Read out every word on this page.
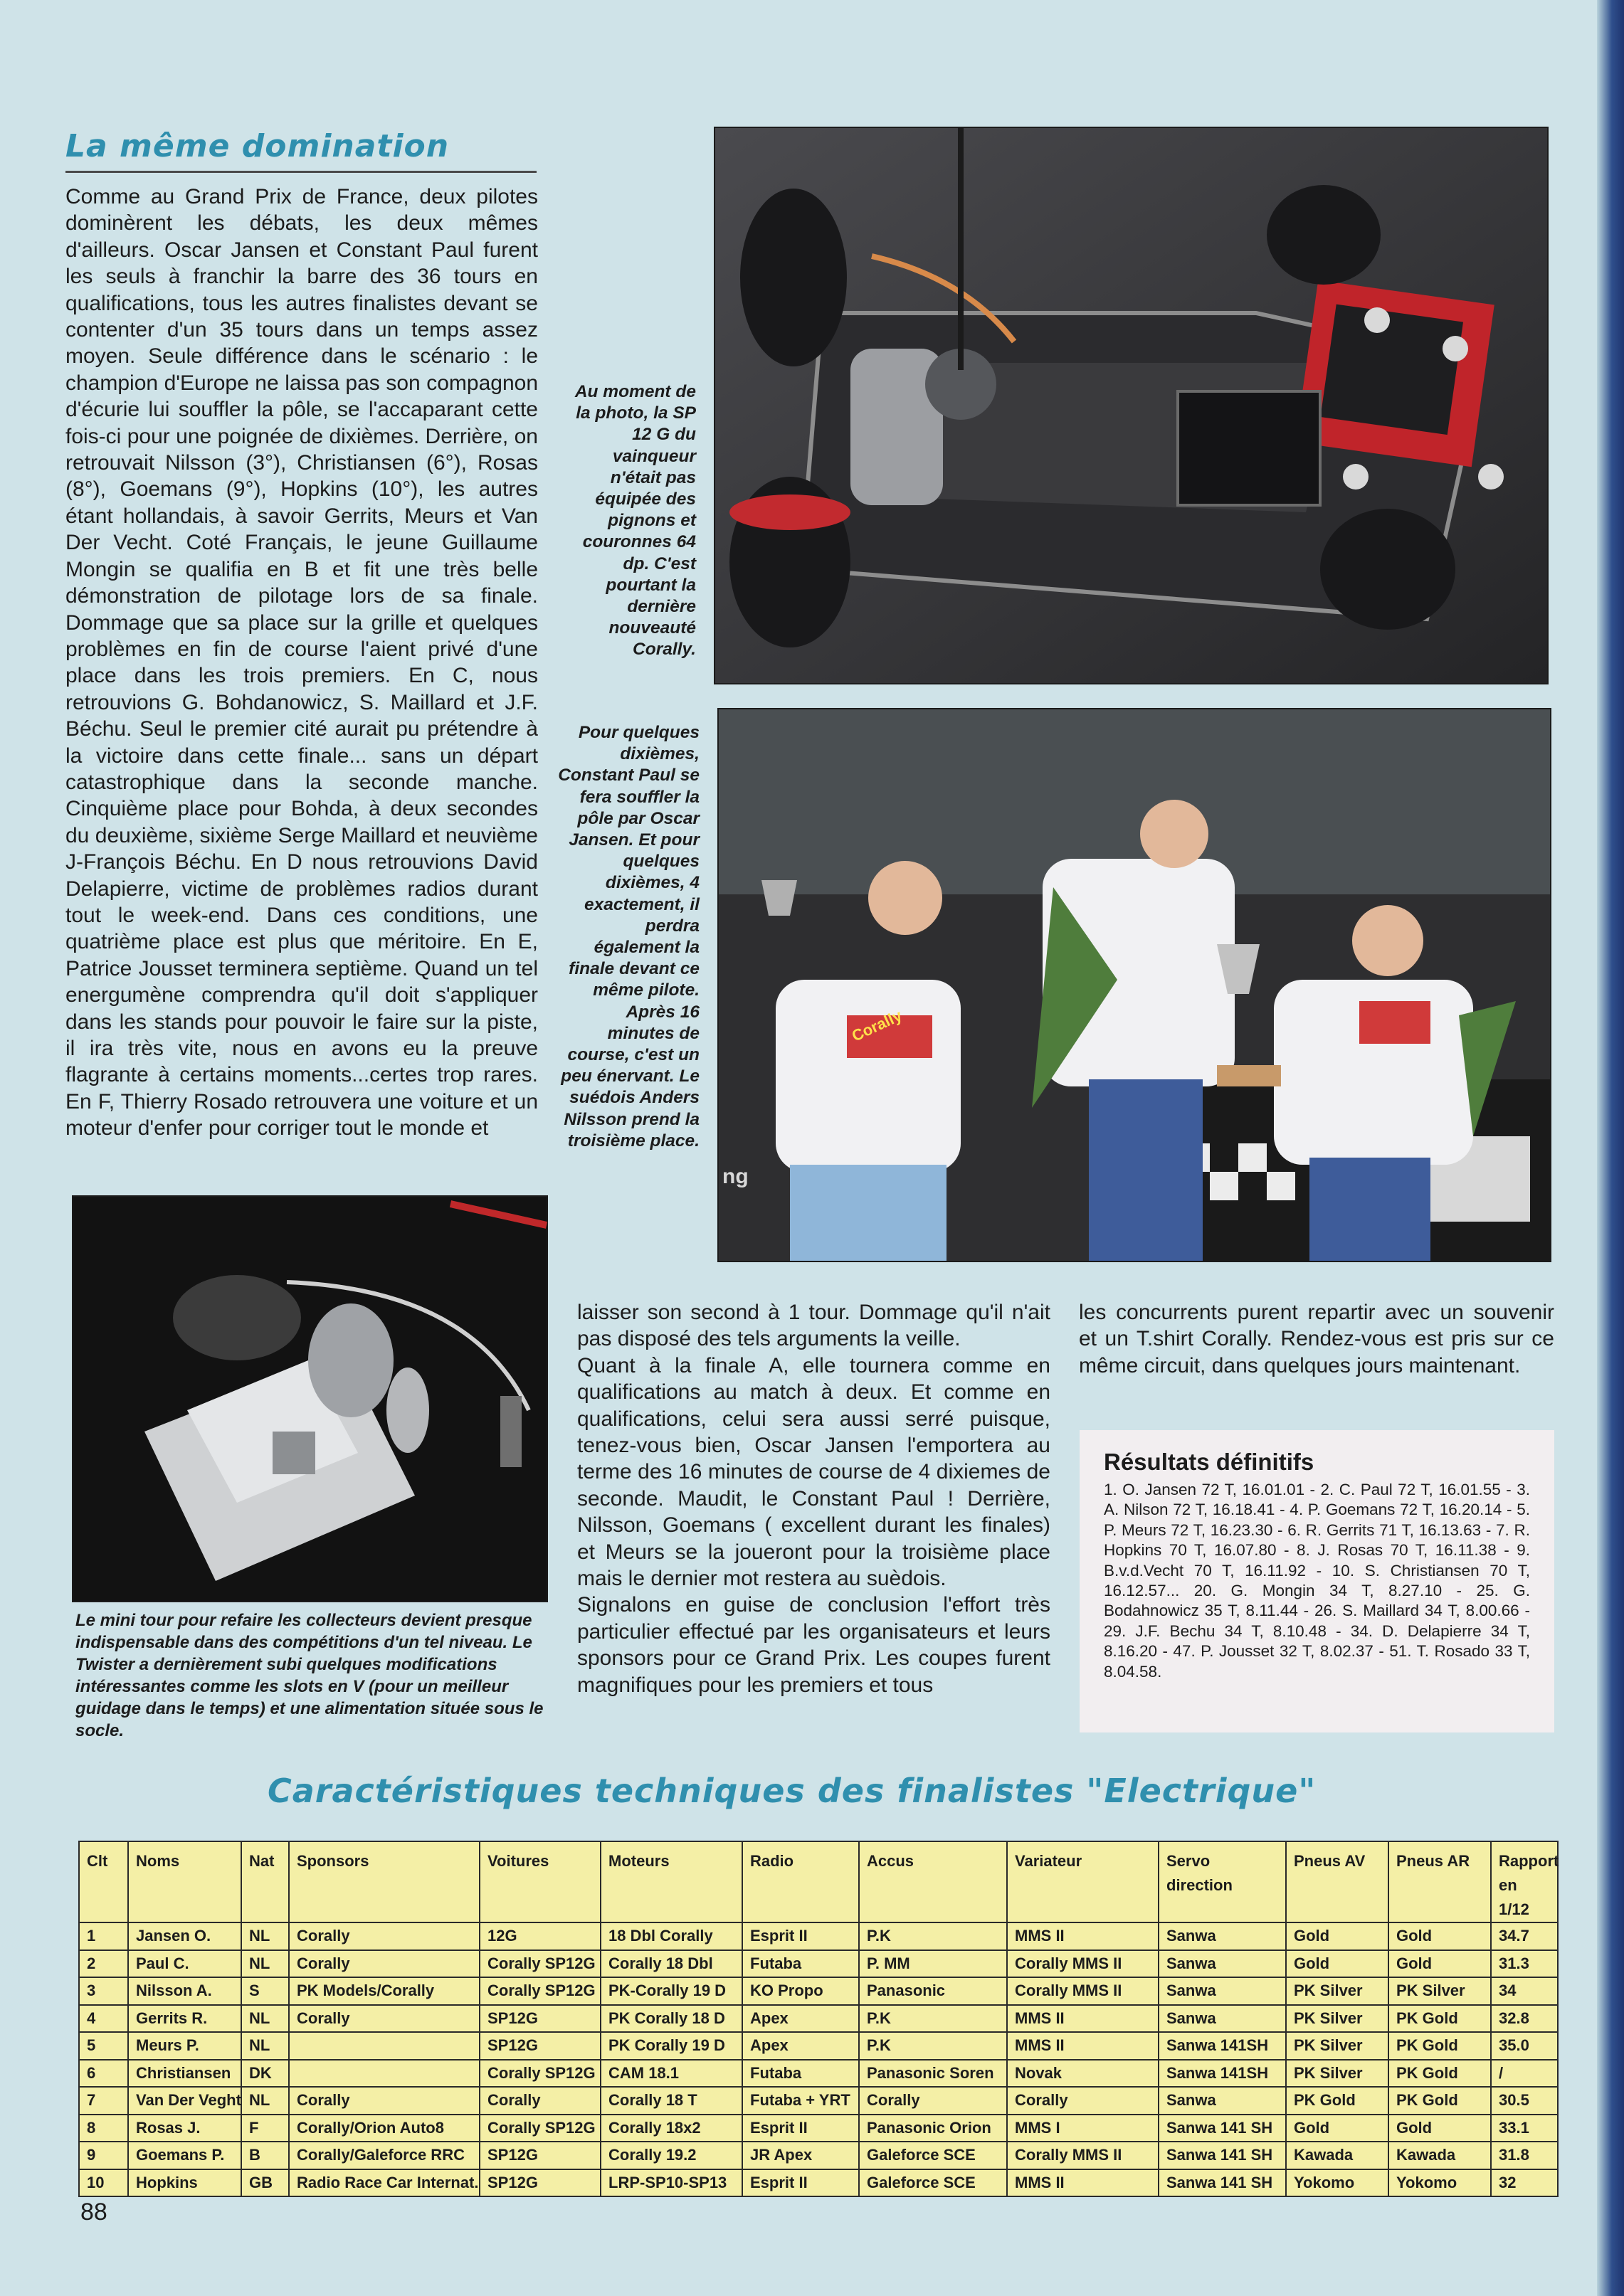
La même domination

Comme au Grand Prix de France, deux pilotes dominèrent les débats, les deux mêmes d'ailleurs. Oscar Jansen et Constant Paul furent les seuls à franchir la barre des 36 tours en qualifications, tous les autres finalistes devant se contenter d'un 35 tours dans un temps assez moyen. Seule différence dans le scénario : le champion d'Europe ne laissa pas son compagnon d'écurie lui souffler la pôle, se l'accaparant cette fois-ci pour une poignée de dixièmes. Derrière, on retrouvait Nilsson (3°), Christiansen (6°), Rosas (8°), Goemans (9°), Hopkins (10°), les autres étant hollandais, à savoir Gerrits, Meurs et Van Der Vecht. Coté Français, le jeune Guillaume Mongin se qualifia en B et fit une très belle démonstration de pilotage lors de sa finale. Dommage que sa place sur la grille et quelques problèmes en fin de course l'aient privé d'une place dans les trois premiers. En C, nous retrouvions G. Bohdanowicz, S. Maillard et J.F. Béchu. Seul le premier cité aurait pu prétendre à la victoire dans cette finale... sans un départ catastrophique dans la seconde manche. Cinquième place pour Bohda, à deux secondes du deuxième, sixième Serge Maillard et neuvième J-François Béchu. En D nous retrouvions David Delapierre, victime de problèmes radios durant tout le week-end. Dans ces conditions, une quatrième place est plus que méritoire. En E, Patrice Jousset terminera septième. Quand un tel energumène comprendra qu'il doit s'appliquer dans les stands pour pouvoir le faire sur la piste, il ira très vite, nous en avons eu la preuve flagrante à certains moments...certes trop rares. En F, Thierry Rosado retrouvera une voiture et un moteur d'enfer pour corriger tout le monde et

Au moment de la photo, la SP 12 G du vainqueur n'était pas équipée des pignons et couronnes 64 dp. C'est pourtant la dernière nouveauté Corally.
Corally
ng
Pour quelques dixièmes, Constant Paul se fera souffler la pôle par Oscar Jansen. Et pour quelques dixièmes, 4 exactement, il perdra également la finale devant ce même pilote. Après 16 minutes de course, c'est un peu énervant. Le suédois Anders Nilsson prend la troisième place.
Le mini tour pour refaire les collecteurs devient presque indispensable dans des compétitions d'un tel niveau. Le Twister a dernièrement subi quelques modifications intéressantes comme les slots en V (pour un meilleur guidage dans le temps) et une alimentation située sous le socle.

laisser son second à 1 tour. Dommage qu'il n'ait pas disposé des tels arguments la veille.

Quant à la finale A, elle tournera comme en qualifications au match à deux. Et comme en qualifications, celui sera aussi serré puisque, tenez-vous bien, Oscar Jansen l'emportera au terme des 16 minutes de course de 4 dixiemes de seconde. Maudit, le Constant Paul ! Derrière, Nilsson, Goemans ( excellent durant les finales) et Meurs se la joueront pour la troisième place mais le dernier mot restera au suèdois.

Signalons en guise de conclusion l'effort très particulier effectué par les organisateurs et leurs sponsors pour ce Grand Prix. Les coupes furent magnifiques pour les premiers et tous

les concurrents purent repartir avec un souvenir et un T.shirt Corally. Rendez-vous est pris sur ce même circuit, dans quelques jours maintenant.

Résultats définitifs
1. O. Jansen 72 T, 16.01.01 - 2. C. Paul 72 T, 16.01.55 - 3. A. Nilson 72 T, 16.18.41 - 4. P. Goemans 72 T, 16.20.14 - 5. P. Meurs 72 T, 16.23.30 - 6. R. Gerrits 71 T, 16.13.63 - 7. R. Hopkins 70 T, 16.07.80 - 8. J. Rosas 70 T, 16.11.38 - 9. B.v.d.Vecht 70 T, 16.11.92 - 10. S. Christiansen 70 T, 16.12.57... 20. G. Mongin 34 T, 8.27.10 - 25. G. Bodahnowicz 35 T, 8.11.44 - 26. S. Maillard 34 T, 8.00.66 - 29. J.F. Bechu 34 T, 8.10.48 - 34. D. Delapierre 34 T, 8.16.20 - 47. P. Jousset 32 T, 8.02.37 - 51. T. Rosado 33 T, 8.04.58.
Caractéristiques techniques des finalistes "Electrique"
Clt	Noms	Nat	Sponsors	Voitures	Moteurs	Radio	Accus	Variateur	Servo direction	Pneus AV	Pneus AR	Rapport en 1/12
1	Jansen O.	NL	Corally	12G	18 Dbl Corally	Esprit II	P.K	MMS II	Sanwa	Gold	Gold	34.7
2	Paul C.	NL	Corally	Corally SP12G	Corally 18 Dbl	Futaba	P. MM	Corally MMS II	Sanwa	Gold	Gold	31.3
3	Nilsson A.	S	PK Models/Corally	Corally SP12G	PK-Corally 19 D	KO Propo	Panasonic	Corally MMS II	Sanwa	PK Silver	PK Silver	34
4	Gerrits R.	NL	Corally	SP12G	PK Corally 18 D	Apex	P.K	MMS II	Sanwa	PK Silver	PK Gold	32.8
5	Meurs P.	NL		SP12G	PK Corally 19 D	Apex	P.K	MMS II	Sanwa 141SH	PK Silver	PK Gold	35.0
6	Christiansen	DK		Corally SP12G	CAM 18.1	Futaba	Panasonic Soren	Novak	Sanwa 141SH	PK Silver	PK Gold	/
7	Van Der Veght	NL	Corally	Corally	Corally 18 T	Futaba + YRT	Corally	Corally	Sanwa	PK Gold	PK Gold	30.5
8	Rosas J.	F	Corally/Orion Auto8	Corally SP12G	Corally 18x2	Esprit II	Panasonic Orion	MMS I	Sanwa 141 SH	Gold	Gold	33.1
9	Goemans P.	B	Corally/Galeforce RRC	SP12G	Corally 19.2	JR Apex	Galeforce SCE	Corally MMS II	Sanwa 141 SH	Kawada	Kawada	31.8
10	Hopkins	GB	Radio Race Car Internat.	SP12G	LRP-SP10-SP13	Esprit II	Galeforce SCE	MMS II	Sanwa 141 SH	Yokomo	Yokomo	32
88
